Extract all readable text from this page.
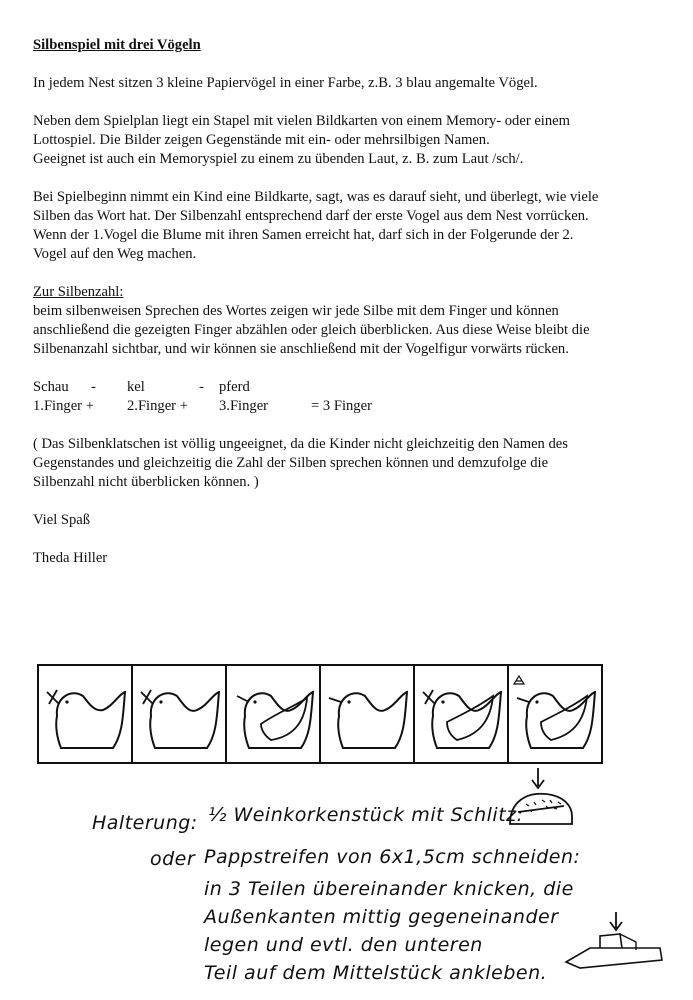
Silbenspiel mit drei Vögeln

In jedem Nest sitzen 3 kleine Papiervögel in einer Farbe, z.B. 3 blau angemalte Vögel.

Neben dem Spielplan liegt ein Stapel mit vielen Bildkarten von einem Memory- oder einem
Lottospiel. Die Bilder zeigen Gegenstände mit ein- oder mehrsilbigen Namen.
Geeignet ist auch ein Memoryspiel zu einem zu übenden Laut, z. B. zum Laut /sch/.

Bei Spielbeginn nimmt ein Kind eine Bildkarte, sagt, was es darauf sieht, und überlegt, wie viele
Silben das Wort hat. Der Silbenzahl entsprechend darf der erste Vogel aus dem Nest vorrücken.
Wenn der 1.Vogel die Blume mit ihren Samen erreicht hat, darf sich in der Folgerunde der 2.
Vogel auf den Weg machen.

Zur Silbenzahl:
beim silbenweisen Sprechen des Wortes zeigen wir jede Silbe mit dem Finger und können
anschließend die gezeigten Finger abzählen oder gleich überblicken. Aus diese Weise bleibt die
Silbenanzahl sichtbar, und wir können sie anschließend mit der Vogelfigur vorwärts rücken.

Schau	-	kel	-	pferd	
1.Finger +		2.Finger +		3.Finger	= 3 Finger

( Das Silbenklatschen ist völlig ungeeignet, da die Kinder nicht gleichzeitig den Namen des
Gegenstandes und gleichzeitig die Zahl der Silben sprechen können und demzufolge die
Silbenzahl nicht überblicken können. )

Viel Spaß

Theda Hiller

Halterung: ½ Weinkorkenstück mit Schlitz:
oder Pappstreifen von 6x1,5cm schneiden:
in 3 Teilen übereinander knicken, die
Außenkanten mittig gegeneinander
legen und evtl. den unteren
Teil auf dem Mittelstück ankleben.
